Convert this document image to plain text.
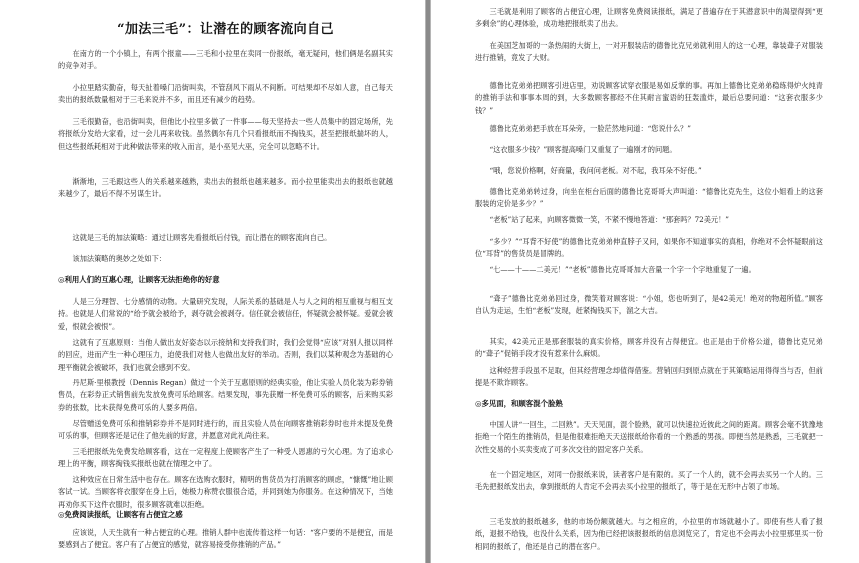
“加法三毛”：让潜在的顾客流向自己

在南方的一个小镇上，有两个报童——三毛和小拉里在卖同一份报纸，毫无疑问，他们俩是名副其实的竞争对手。

小拉里踏实勤奋，每天扯着嗓门沿街叫卖，不管刮风下雨从不间断。可结果却不尽如人意，自己每天卖出的报纸数量相对于三毛来说并不多，而且还有减少的趋势。

三毛很勤奋，也沿街叫卖，但他比小拉里多做了一件事——每天坚持去一些人员集中的固定场所，先将报纸分发给大家看，过一会儿再来收钱。虽然偶尔有几个只看报纸而不掏钱买，甚至把报纸揣坏的人，但这些报纸耗相对于此种做法带来的收入而言，是小巫见大巫，完全可以忽略不计。

渐渐地，三毛跟这些人的关系越来越熟，卖出去的报纸也越来越多。而小拉里能卖出去的报纸也就越来越少了，最后不得不另谋生计。

这就是三毛的加法策略：通过让顾客先看报纸后付钱，而让潜在的顾客流向自己。

该加法策略的奥妙之处如下：

◎利用人们的互惠心理，让顾客无法拒绝你的好意

人是三分理智、七分感情的动物。大量研究发现，人际关系的基础是人与人之间的相互重视与相互支持。也就是人们常说的“给予就会被给予，剥夺就会被剥夺。信任就会被信任，怀疑就会被怀疑。爱就会被爱，恨就会被恨”。

这就有了互惠原则：当他人做出友好姿态以示接纳和支持我们时，我们会觉得“应该”对别人报以同样的回应，进而产生一种心理压力，迫使我们对他人也做出友好的举动。否则，我们以某种观念为基础的心理平衡就会被破坏，我们也就会感到不安。

丹尼斯·里根教授（Dennis Regan）做过一个关于互惠原则的经典实验，他让实验人员化装为彩券销售员，在彩券正式销售前先发放免费可乐给顾客。结果发现，事先获赠一杯免费可乐的顾客，后来购买彩券的张数，比未获得免费可乐的人要多两倍。

尽管赠送免费可乐和推销彩券并不是同时进行的，而且实验人员在向顾客推销彩券时也并未提及免费可乐的事，但顾客还是记住了他先前的好意，并愿意对此礼尚往来。

三毛把报纸先免费发给顾客看，这在一定程度上使顾客产生了一种受人恩惠的亏欠心理。为了追求心理上的平衡，顾客掏钱买报纸也就在情理之中了。

这种效应在日常生活中也存在。顾客在选购衣服时，精明的售货员为打消顾客的顾虑，“慷慨”地让顾客试一试。当顾客将衣服穿在身上后，她极力称赞衣服很合适，并同到她为你服务。在这种情况下，当她再劝你买下这件衣服时，很多顾客就难以拒绝。

◎免费阅读报纸，让顾客有占便宜之感

应该说，人天生就有一种占便宜的心理。推销人群中也流传着这样一句话：“客户要的不是便宜，而是要感到占了便宜。客户有了占便宜的感觉，就容易接受你推销的产品。”

三毛就是利用了顾客的占便宜心理，让顾客免费阅读报纸，满足了普遍存在于其潜意识中的渴望得到“更多剩余”的心理体验，成功地把报纸卖了出去。

在美国芝加哥的一条热闹的大街上，一对开服装店的德鲁比克兄弟就利用人的这一心理，靠装聋子对服装进行推销，竟发了大财。

德鲁比克弟弟把顾客引进店里，劝说顾客试穿衣服是易如反掌的事。再加上德鲁比克弟弟稳练得炉火纯青的推销手法和事事本周的到，大多数顾客都经不住其耐言蜜语的狂轰滥炸，最后总要问道：“这套衣服多少钱？”

德鲁比克弟弟把手放在耳朵旁，一脸茫然地问道：“您说什么？”

“这衣服多少钱？”顾客提高嗓门又重复了一遍刚才的问题。

“哦，您说价格啊，好商量，我问问老板。对不起，我耳朵不好使。”

德鲁比克弟弟转过身，向坐在柜台后面的德鲁比克哥哥大声叫道：“德鲁比克先生，这位小姐看上的这套服装的定价是多少？”

“老板”站了起来，向顾客微微一笑，不紧不慢地答道：“那套吗？72美元！”

“多少？”“耳背不好使”的德鲁比克弟弟伸直脖子又问，如果你不知道事实的真相，你绝对不会怀疑眼前这位“耳背”的售货员是冒牌的。

“七——十——二美元！”“老板”德鲁比克哥哥加大音量一个字一个字地重复了一遍。

“聋子”德鲁比克弟弟回过身，微笑着对顾客说：“小姐，您也听到了，是42美元！绝对的物超所值。”顾客自认为走运，生怕“老板”发现，赶紧掏钱买下，溜之大吉。

其实，42美元正是那套服装的真实价格，顾客并没有占得便宜。也正是由于价格公道，德鲁比克兄弟的“聋子”促销手段才没有惹来什么麻烦。

这种经营手段虽不足取，但其经营理念却值得借鉴。营销回归到原点就在于其策略运用得得当与否，但前提是不欺诈顾客。

◎多见面，和顾客混个脸熟

中国人讲“一回生，二回熟”。天天见面，混个脸熟，就可以快速拉近彼此之间的距离。顾客会毫不犹豫地拒绝一个陌生的推销员，但是他很难拒绝天天送报纸给你看的一个熟悉的男孩。即便当然是熟悉，三毛就把一次性交易的小买卖变成了可多次交往的固定客户关系。

在一个固定地区，对同一份报纸来说，读者客户是有限的。买了一个人的，就不会再去买另一个人的。三毛先把报纸发出去，拿到报纸的人肯定不会再去买小拉里的报纸了，等于是在无形中占领了市场。

三毛发放的报纸越多，他的市场份额就越大。与之相应的，小拉里的市场就越小了。即使有些人看了报纸，退报不给钱，也没什么关系，因为他已经把该报报纸的信息浏览完了，肯定也不会再去小拉里那里买一份相同的报纸了，他还是自己的潜在客户。
